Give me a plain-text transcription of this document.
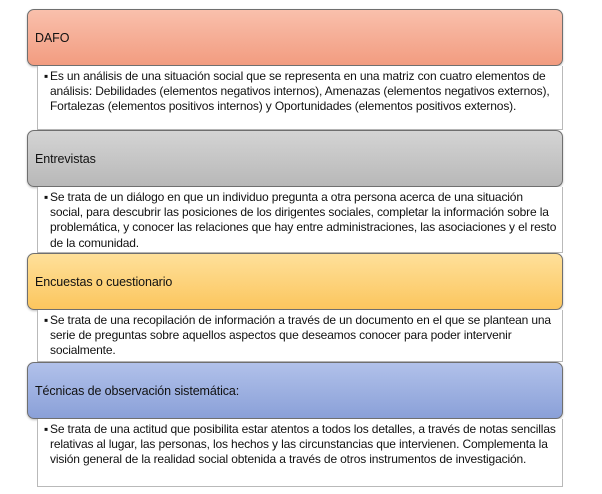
DAFO
▪ Es un análisis de una situación social que se representa en una matriz con cuatro elementos de análisis: Debilidades (elementos negativos internos), Amenazas (elementos negativos externos), Fortalezas (elementos positivos internos) y Oportunidades (elementos positivos externos).
Entrevistas
▪ Se trata de un diálogo en que un individuo pregunta a otra persona acerca de una situación social, para descubrir las posiciones de los dirigentes sociales, completar la información sobre la problemática, y conocer las relaciones que hay entre administraciones, las asociaciones y el resto de la comunidad.
Encuestas o cuestionario
▪ Se trata de una recopilación de información a través de un documento en el que se plantean una serie de preguntas sobre aquellos aspectos que deseamos conocer para poder intervenir socialmente.
Técnicas de observación sistemática:
▪ Se trata de una actitud que posibilita estar atentos a todos los detalles, a través de notas sencillas relativas al lugar, las personas, los hechos y las circunstancias que intervienen. Complementa la visión general de la realidad social obtenida a través de otros instrumentos de investigación.
